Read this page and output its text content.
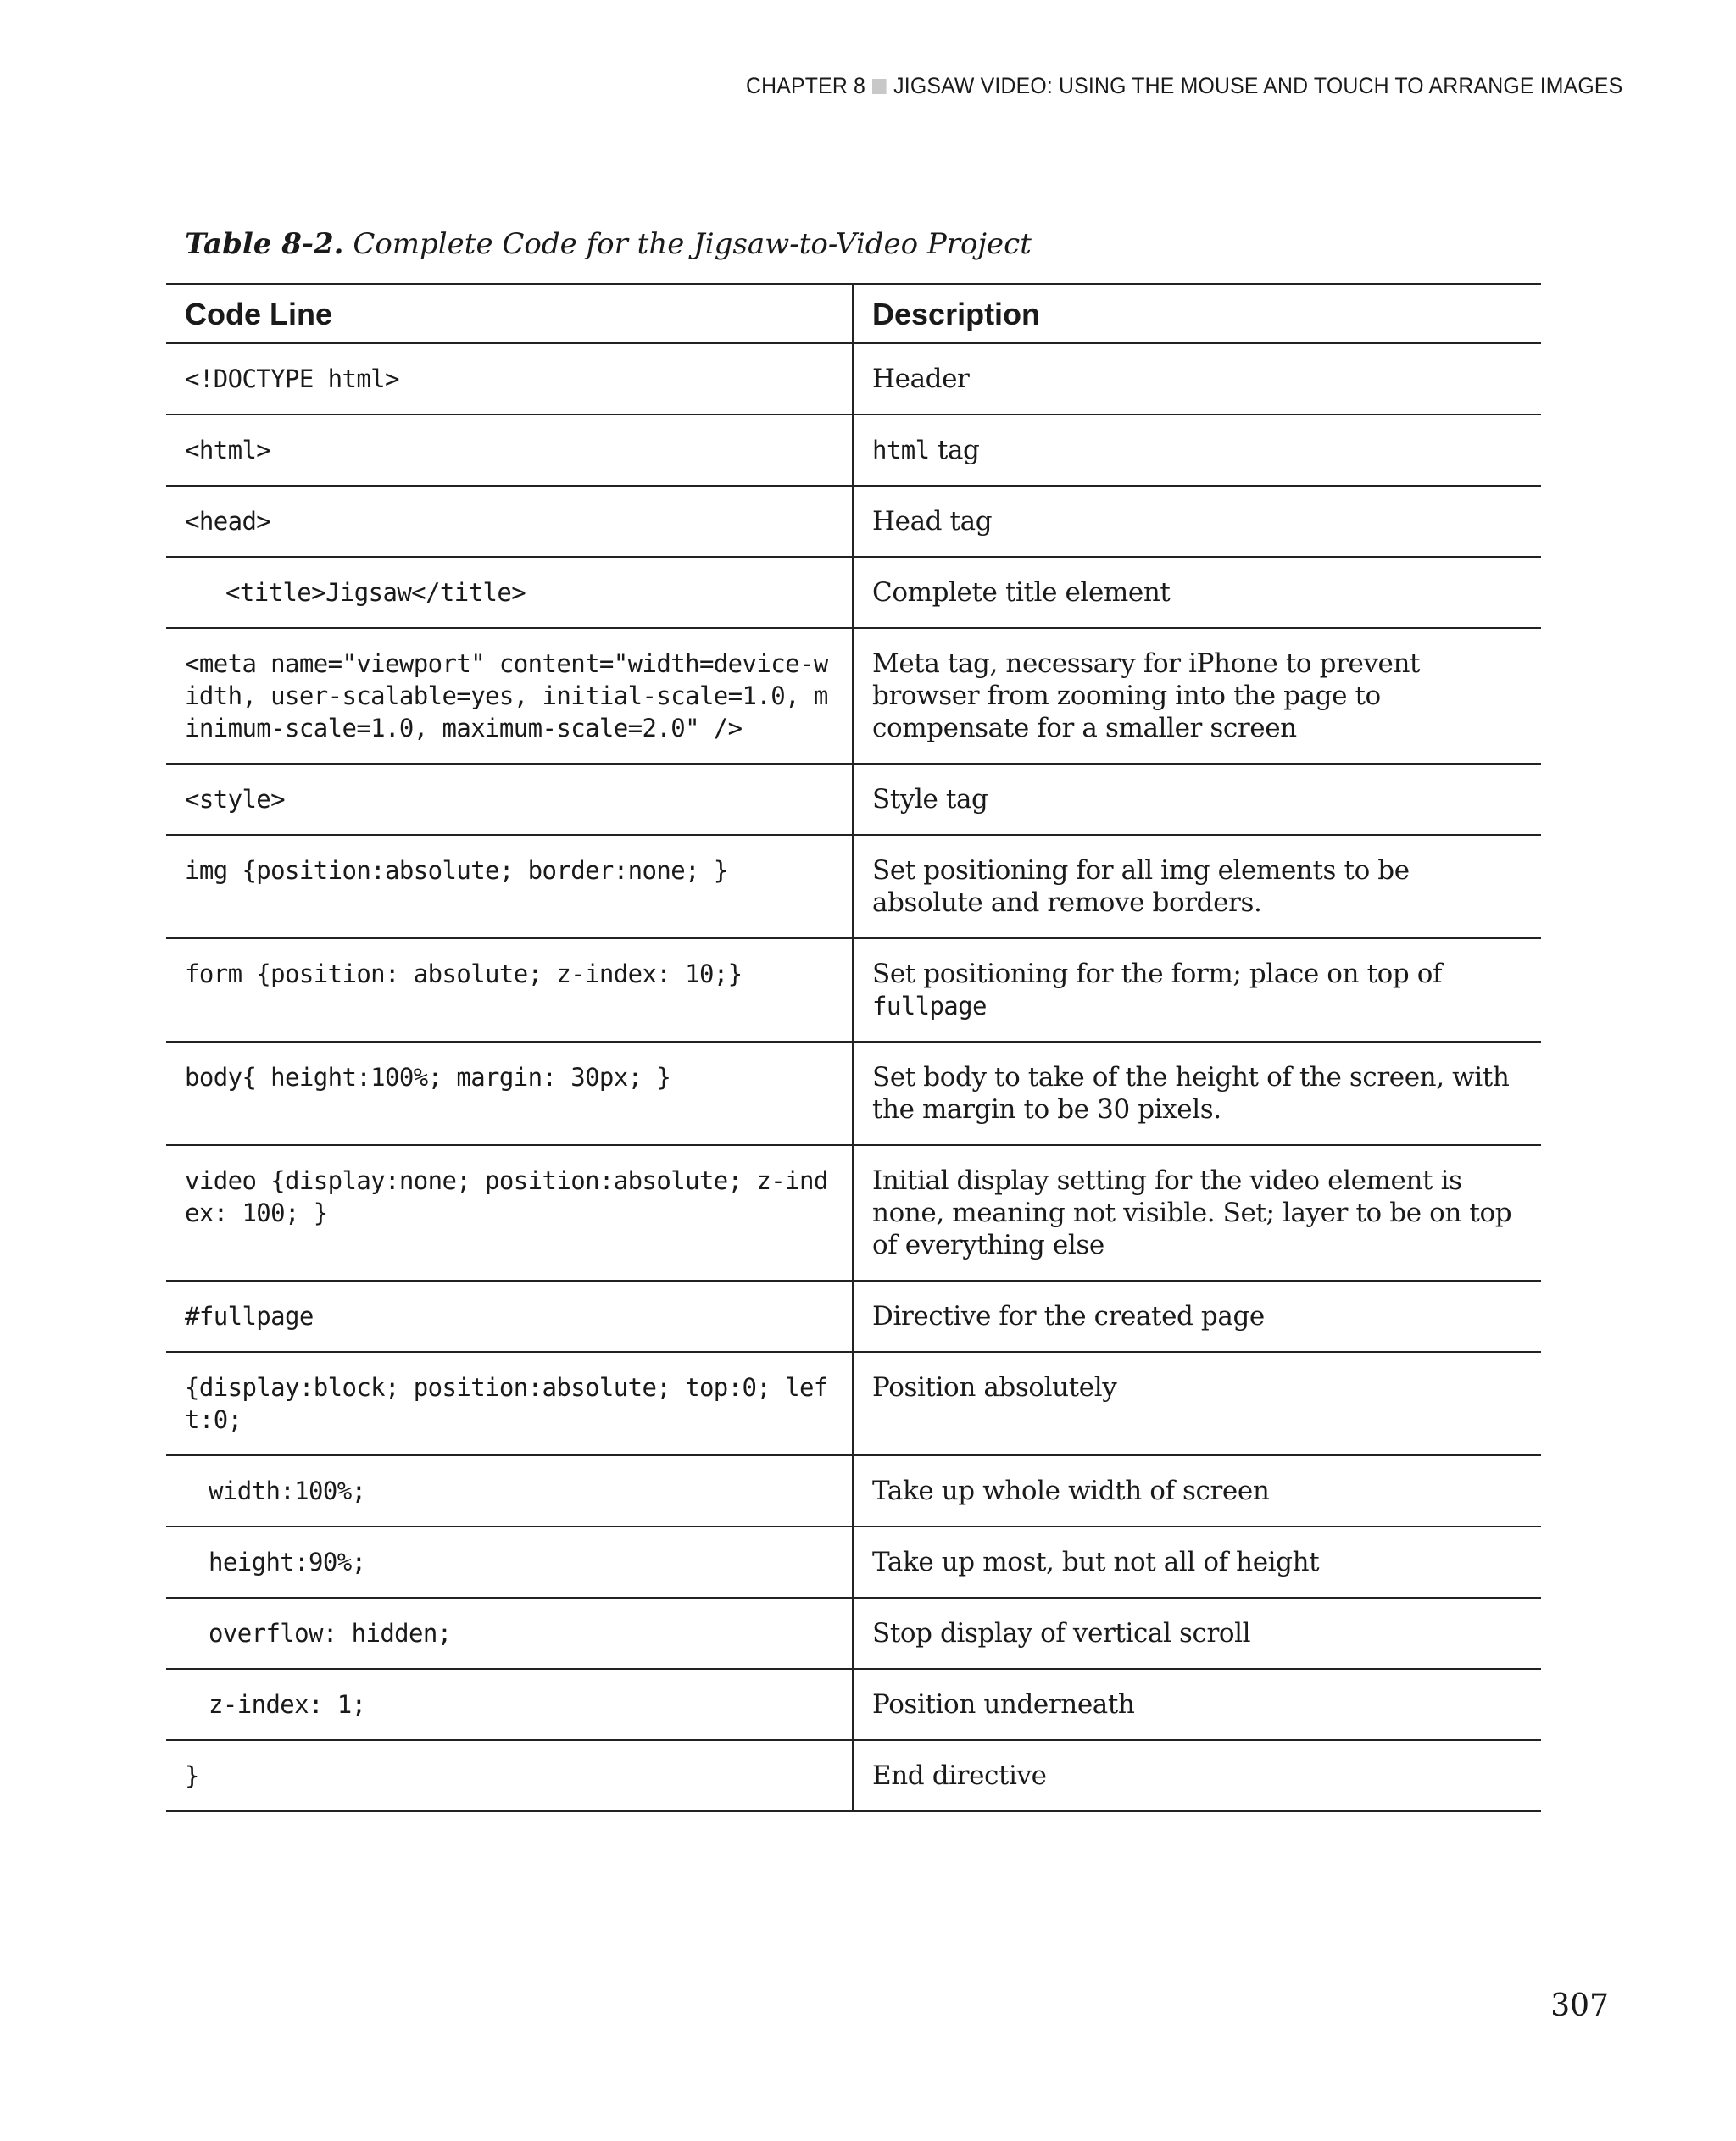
CHAPTER 8 JIGSAW VIDEO: USING THE MOUSE AND TOUCH TO ARRANGE IMAGES
Table 8-2. Complete Code for the Jigsaw-to-Video Project
Code Line	Description
<!DOCTYPE html>	Header
<html>	html tag
<head>	Head tag
<title>Jigsaw</title>	Complete title element
<meta name="viewport" content="width=device-width, user-scalable=yes, initial-scale=1.0, minimum-scale=1.0, maximum-scale=2.0" />	Meta tag, necessary for iPhone to prevent browser from zooming into the page to compensate for a smaller screen
<style>	Style tag
img {position:absolute; border:none; }	Set positioning for all img elements to be absolute and remove borders.
form {position: absolute; z-index: 10;}	Set positioning for the form; place on top of fullpage
body{ height:100%; margin: 30px; }	Set body to take of the height of the screen, with the margin to be 30 pixels.
video {display:none; position:absolute; z-index: 100; }	Initial display setting for the video element is none, meaning not visible. Set; layer to be on top of everything else
#fullpage	Directive for the created page
{display:block; position:absolute; top:0; left:0;	Position absolutely
width:100%;	Take up whole width of screen
height:90%;	Take up most, but not all of height
overflow: hidden;	Stop display of vertical scroll
z-index: 1;	Position underneath
}	End directive
307
